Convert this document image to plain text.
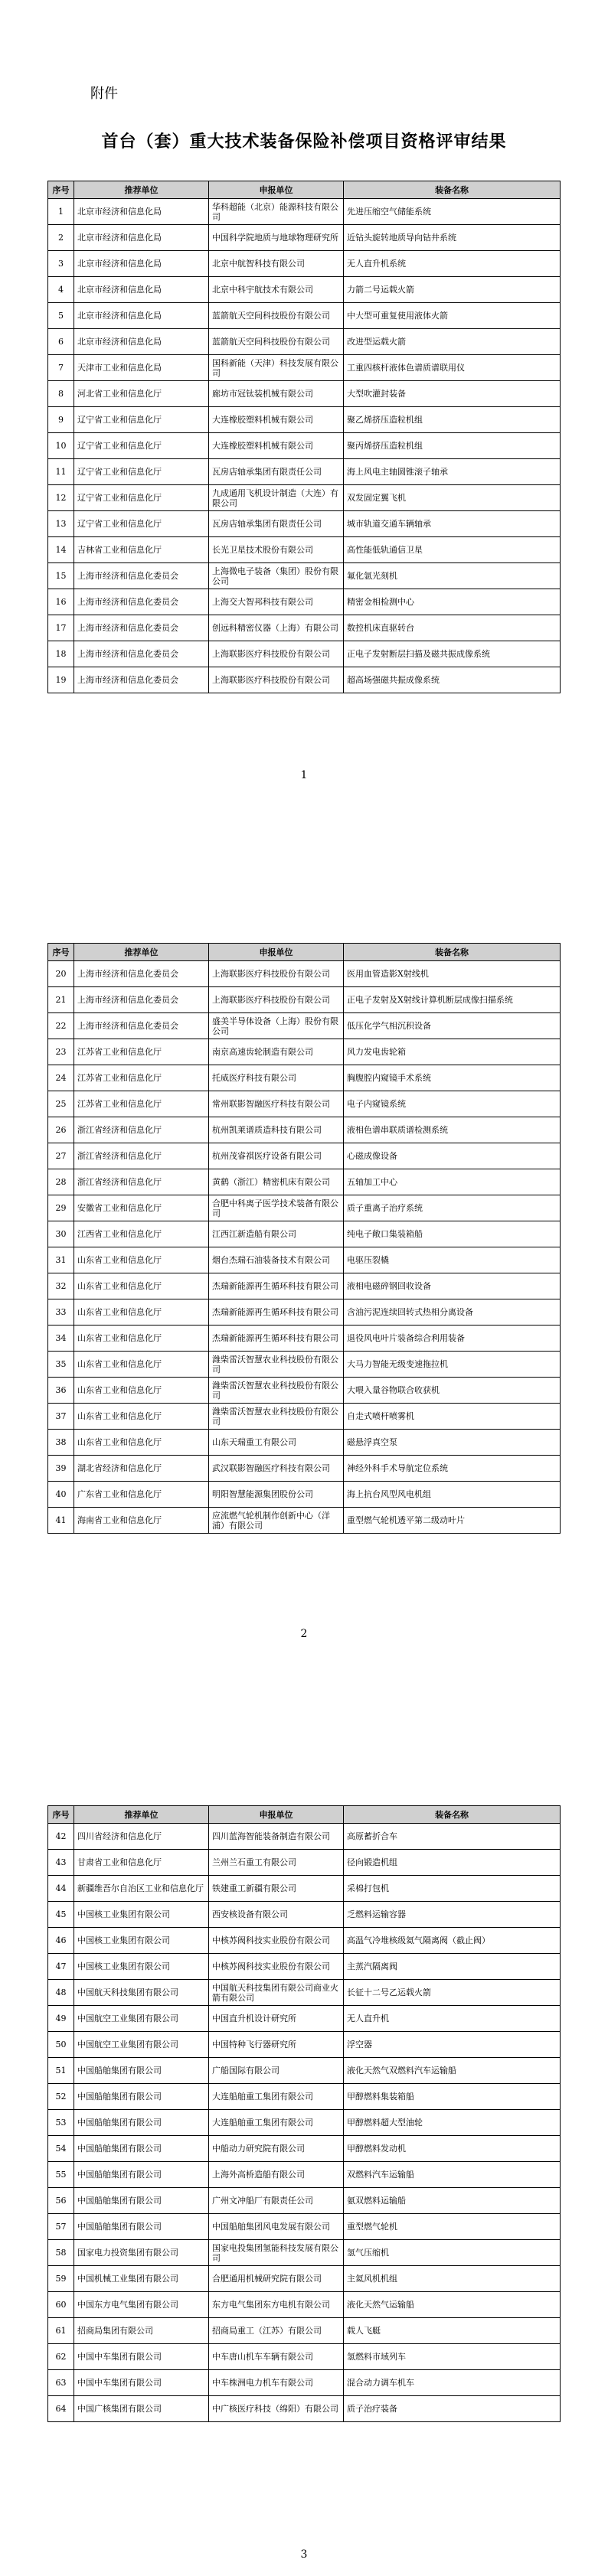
附件
首台（套）重大技术装备保险补偿项目资格评审结果
序号	推荐单位	申报单位	装备名称
1	北京市经济和信息化局	华科超能（北京）能源科技有限公司	先进压缩空气储能系统
2	北京市经济和信息化局	中国科学院地质与地球物理研究所	近钻头旋转地质导向钻井系统
3	北京市经济和信息化局	北京中航智科技有限公司	无人直升机系统
4	北京市经济和信息化局	北京中科宇航技术有限公司	力箭二号运载火箭
5	北京市经济和信息化局	蓝箭航天空间科技股份有限公司	中大型可重复使用液体火箭
6	北京市经济和信息化局	蓝箭航天空间科技股份有限公司	改进型运载火箭
7	天津市工业和信息化局	国科新能（天津）科技发展有限公司	工重四核杆液体色谱质谱联用仪
8	河北省工业和信息化厅	廊坊市冠钛装机械有限公司	大型吹灌封装备
9	辽宁省工业和信息化厅	大连橡胶塑料机械有限公司	聚乙烯挤压造粒机组
10	辽宁省工业和信息化厅	大连橡胶塑料机械有限公司	聚丙烯挤压造粒机组
11	辽宁省工业和信息化厅	瓦房店轴承集团有限责任公司	海上风电主轴圆锥滚子轴承
12	辽宁省工业和信息化厅	九成通用飞机设计制造（大连）有限公司	双发固定翼飞机
13	辽宁省工业和信息化厅	瓦房店轴承集团有限责任公司	城市轨道交通车辆轴承
14	吉林省工业和信息化厅	长光卫星技术股份有限公司	高性能低轨通信卫星
15	上海市经济和信息化委员会	上海微电子装备（集团）股份有限公司	氟化氩光刻机
16	上海市经济和信息化委员会	上海交大智邦科技有限公司	精密金相检测中心
17	上海市经济和信息化委员会	创远科精密仪器（上海）有限公司	数控机床直驱转台
18	上海市经济和信息化委员会	上海联影医疗科技股份有限公司	正电子发射断层扫描及磁共振成像系统
19	上海市经济和信息化委员会	上海联影医疗科技股份有限公司	超高场强磁共振成像系统
1
序号	推荐单位	申报单位	装备名称
20	上海市经济和信息化委员会	上海联影医疗科技股份有限公司	医用血管造影X射线机
21	上海市经济和信息化委员会	上海联影医疗科技股份有限公司	正电子发射及X射线计算机断层成像扫描系统
22	上海市经济和信息化委员会	盛美半导体设备（上海）股份有限公司	低压化学气相沉积设备
23	江苏省工业和信息化厅	南京高速齿轮制造有限公司	风力发电齿轮箱
24	江苏省工业和信息化厅	托威医疗科技有限公司	胸腹腔内窥镜手术系统
25	江苏省工业和信息化厅	常州联影智融医疗科技有限公司	电子内窥镜系统
26	浙江省经济和信息化厅	杭州凯莱谱质造科技有限公司	液相色谱串联质谱检测系统
27	浙江省经济和信息化厅	杭州茂睿祺医疗设备有限公司	心磁成像设备
28	浙江省经济和信息化厅	黄鹤（浙江）精密机床有限公司	五轴加工中心
29	安徽省工业和信息化厅	合肥中科离子医学技术装备有限公司	质子重离子治疗系统
30	江西省工业和信息化厅	江西江新造船有限公司	纯电子敞口集装箱船
31	山东省工业和信息化厅	烟台杰瑞石油装备技术有限公司	电驱压裂橇
32	山东省工业和信息化厅	杰瑞新能源再生循环科技有限公司	液相电磁碎钢回收设备
33	山东省工业和信息化厅	杰瑞新能源再生循环科技有限公司	含油污泥连续回转式热相分离设备
34	山东省工业和信息化厅	杰瑞新能源再生循环科技有限公司	退役风电叶片装备综合利用装备
35	山东省工业和信息化厅	潍柴雷沃智慧农业科技股份有限公司	大马力智能无级变速拖拉机
36	山东省工业和信息化厅	潍柴雷沃智慧农业科技股份有限公司	大喂入量谷物联合收获机
37	山东省工业和信息化厅	潍柴雷沃智慧农业科技股份有限公司	自走式喷杆喷雾机
38	山东省工业和信息化厅	山东天瑞重工有限公司	磁悬浮真空泵
39	湖北省经济和信息化厅	武汉联影智融医疗科技有限公司	神经外科手术导航定位系统
40	广东省工业和信息化厅	明阳智慧能源集团股份公司	海上抗台风型风电机组
41	海南省工业和信息化厅	应流燃气轮机制作创新中心（洋浦）有限公司	重型燃气轮机透平第二级动叶片
2
序号	推荐单位	申报单位	装备名称
42	四川省经济和信息化厅	四川蓝海智能装备制造有限公司	高原蓄折合车
43	甘肃省工业和信息化厅	兰州兰石重工有限公司	径向锻造机组
44	新疆维吾尔自治区工业和信息化厅	铁建重工新疆有限公司	采棉打包机
45	中国核工业集团有限公司	西安核设备有限公司	乏燃料运输容器
46	中国核工业集团有限公司	中核苏阀科技实业股份有限公司	高温气冷堆核级氦气隔离阀（截止阀）
47	中国核工业集团有限公司	中核苏阀科技实业股份有限公司	主蒸汽隔离阀
48	中国航天科技集团有限公司	中国航天科技集团有限公司商业火箭有限公司	长征十二号乙运载火箭
49	中国航空工业集团有限公司	中国直升机设计研究所	无人直升机
50	中国航空工业集团有限公司	中国特种飞行器研究所	浮空器
51	中国船舶集团有限公司	广船国际有限公司	液化天然气双燃料汽车运输船
52	中国船舶集团有限公司	大连船舶重工集团有限公司	甲醇燃料集装箱船
53	中国船舶集团有限公司	大连船舶重工集团有限公司	甲醇燃料超大型油轮
54	中国船舶集团有限公司	中船动力研究院有限公司	甲醇燃料发动机
55	中国船舶集团有限公司	上海外高桥造船有限公司	双燃料汽车运输船
56	中国船舶集团有限公司	广州文冲船厂有限责任公司	氨双燃料运输船
57	中国船舶集团有限公司	中国船舶集团风电发展有限公司	重型燃气轮机
58	国家电力投资集团有限公司	国家电投集团氢能科技发展有限公司	氢气压缩机
59	中国机械工业集团有限公司	合肥通用机械研究院有限公司	主氦风机机组
60	中国东方电气集团有限公司	东方电气集团东方电机有限公司	液化天然气运输船
61	招商局集团有限公司	招商局重工（江苏）有限公司	载人飞艇
62	中国中车集团有限公司	中车唐山机车车辆有限公司	氢燃料市域列车
63	中国中车集团有限公司	中车株洲电力机车有限公司	混合动力调车机车
64	中国广核集团有限公司	中广核医疗科技（绵阳）有限公司	质子治疗装备
3
